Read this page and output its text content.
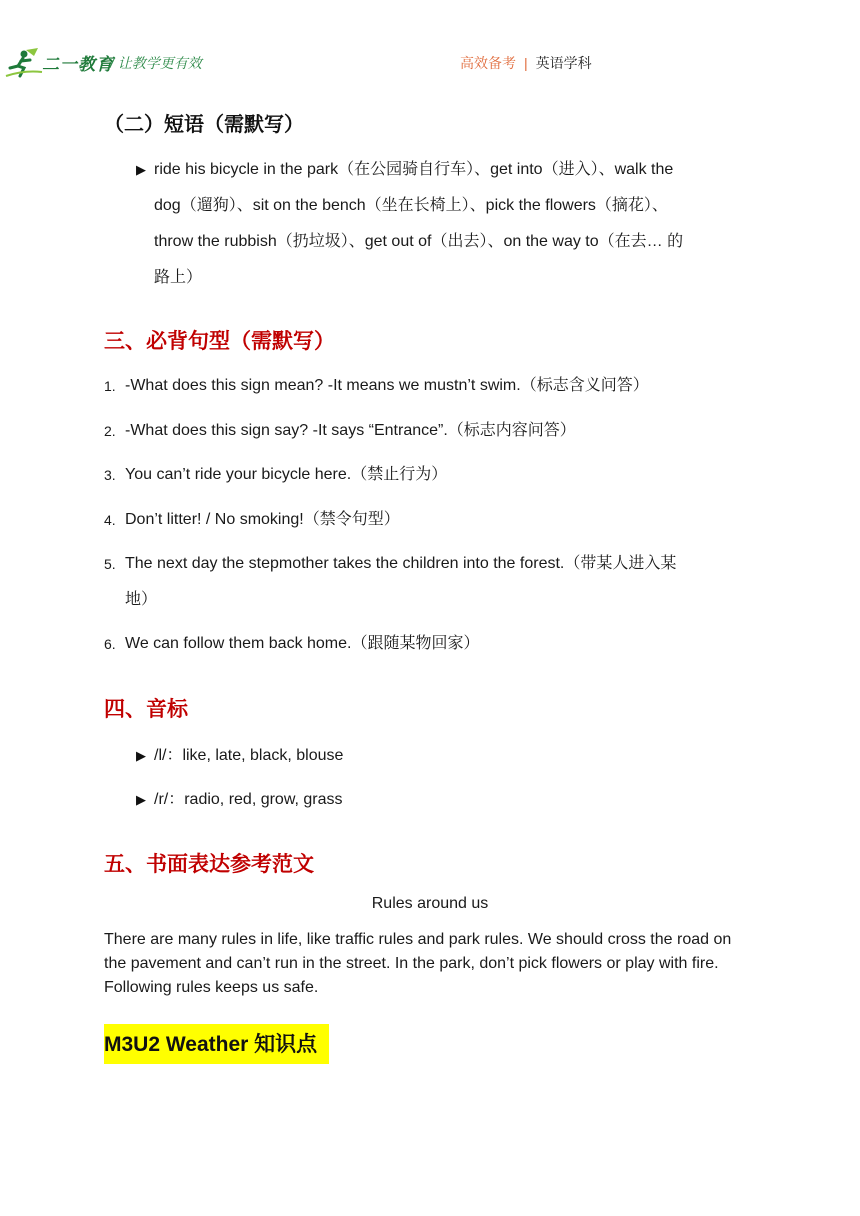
二一教育
/ 让教学更有效	高效备考 | 英语学科
（二）短语（需默写）
▶ ride his bicycle in the park（在公园骑自行车）、get into（进入）、walk the
dog（遛狗）、sit on the bench（坐在长椅上）、pick the flowers（摘花）、
throw the rubbish（扔垃圾）、get out of（出去）、on the way to（在去… 的
路上）
三、必背句型（需默写）
1. -What does this sign mean? -It means we mustn’t swim.（标志含义问答）
2. -What does this sign say? -It says “Entrance”.（标志内容问答）
3. You can’t ride your bicycle here.（禁止行为）
4. Don’t litter! / No smoking!（禁令句型）
5. The next day the stepmother takes the children into the forest.（带某人进入某
地）
6. We can follow them back home.（跟随某物回家）
四、音标
▶ /l/：like, late, black, blouse
▶ /r/：radio, red, grow, grass
五、书面表达参考范文
Rules around us
There are many rules in life, like traffic rules and park rules. We should cross the road on the pavement and can’t run in the street. In the park, don’t pick flowers or play with fire. Following rules keeps us safe.
M3U2 Weather 知识点
